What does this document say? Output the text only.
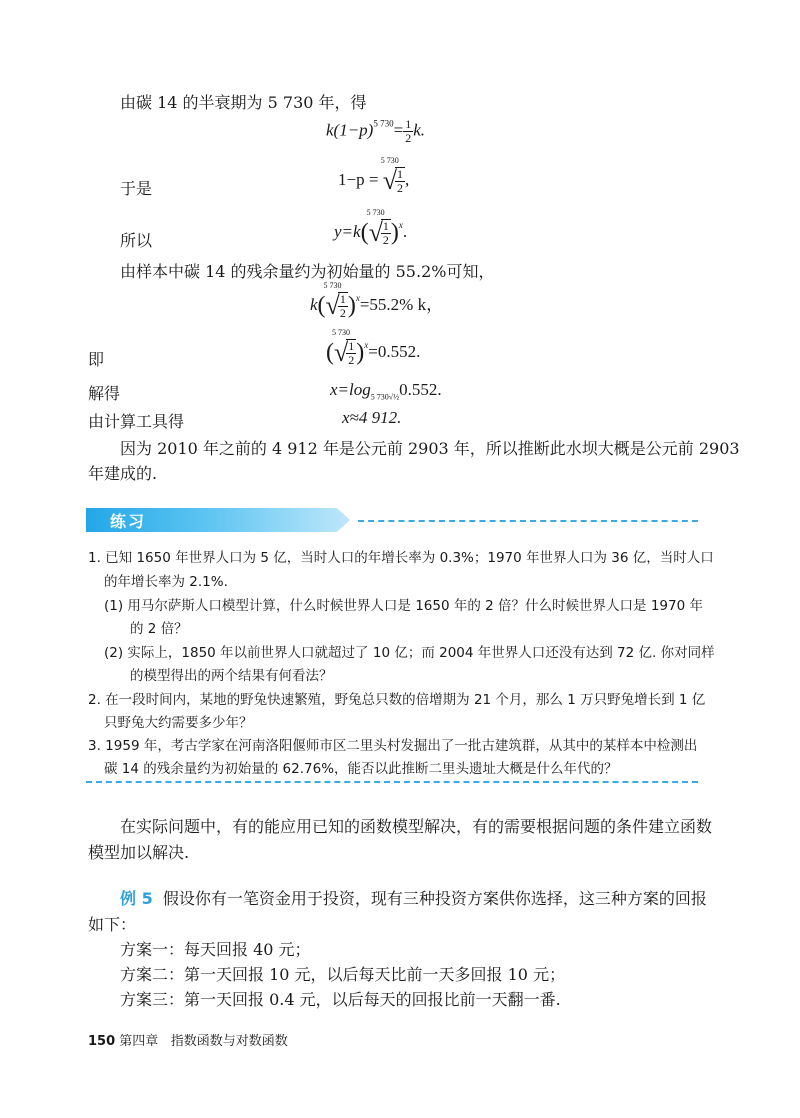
由碳 14 的半衰期为 5 730 年，得
$k(1-p)^{5 730}= \frac{1}{2} k$.
于是	1−p =
5 730
√
$\frac{1}{2}$ ,
所以	y=k(
5 730
√
$\frac{1}{2} )^x$.
由样本中碳 14 的残余量约为初始量的 55.2%可知，
k(
5 730
√
$\frac{1}{2} )^x=55.2\%$ k，
即	(
5 730
√
$\frac{1}{2} )^x=0.552$.
解得	$x=\log_{5 730√\frac{1}{2}}0.552$.
由计算工具得	x≈4 912.
因为 2010 年之前的 4 912 年是公元前 2903 年，所以推断此水坝大概是公元前 2903
年建成的.
练习
1. 已知 1650 年世界人口为 5 亿，当时人口的年增长率为 0.3%；1970 年世界人口为 36 亿，当时人口
的年增长率为 2.1%.
(1) 用马尔萨斯人口模型计算，什么时候世界人口是 1650 年的 2 倍？什么时候世界人口是 1970 年
的 2 倍？
(2) 实际上，1850 年以前世界人口就超过了 10 亿；而 2004 年世界人口还没有达到 72 亿. 你对同样
的模型得出的两个结果有何看法？
2. 在一段时间内，某地的野兔快速繁殖，野兔总只数的倍增期为 21 个月，那么 1 万只野兔增长到 1 亿
只野兔大约需要多少年？
3. 1959 年，考古学家在河南洛阳偃师市区二里头村发掘出了一批古建筑群，从其中的某样本中检测出
碳 14 的残余量约为初始量的 62.76%，能否以此推断二里头遗址大概是什么年代的？
在实际问题中，有的能应用已知的函数模型解决，有的需要根据问题的条件建立函数
模型加以解决.
例 5 假设你有一笔资金用于投资，现有三种投资方案供你选择，这三种方案的回报
如下：
方案一：每天回报 40 元；
方案二：第一天回报 10 元，以后每天比前一天多回报 10 元；
方案三：第一天回报 0.4 元，以后每天的回报比前一天翻一番.
150 第四章 指数函数与对数函数
